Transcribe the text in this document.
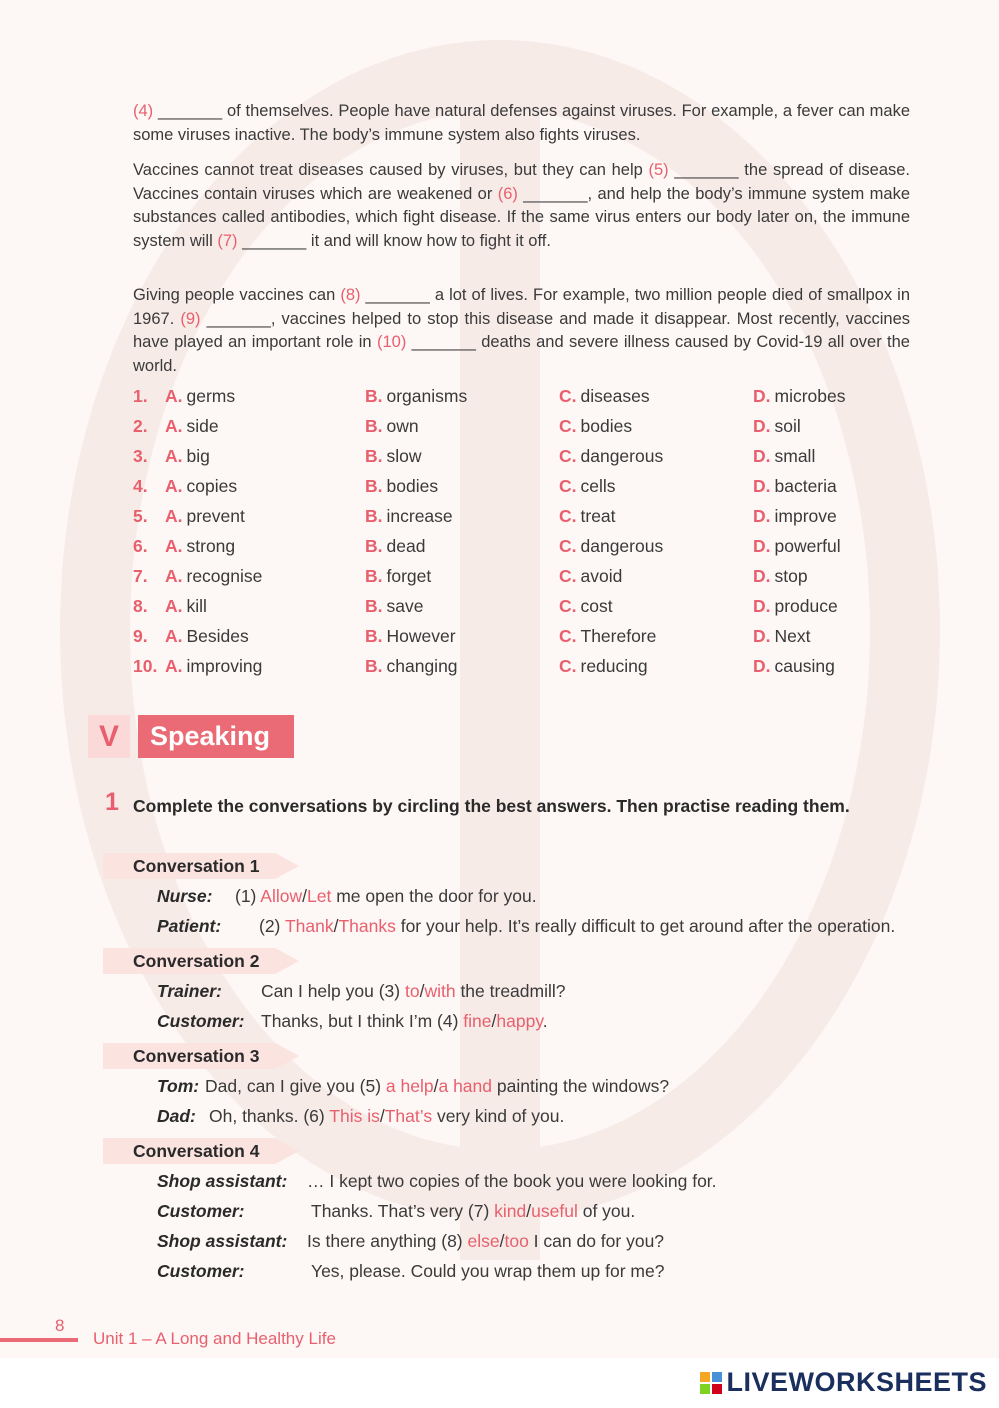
(4) _______ of themselves. People have natural defenses against viruses. For example, a fever can make some viruses inactive. The body’s immune system also fights viruses.

Vaccines cannot treat diseases caused by viruses, but they can help (5) _______ the spread of disease. Vaccines contain viruses which are weakened or (6) _______, and help the body’s immune system make substances called antibodies, which fight disease. If the same virus enters our body later on, the immune system will (7) _______ it and will know how to fight it off.

Giving people vaccines can (8) _______ a lot of lives. For example, two million people died of smallpox in 1967. (9) _______, vaccines helped to stop this disease and made it disappear. Most recently, vaccines have played an important role in (10) _______ deaths and severe illness caused by Covid-19 all over the world.

1. A. germs	B. organisms	C. diseases	D. microbes
2. A. side	B. own	C. bodies	D. soil
3. A. big	B. slow	C. dangerous	D. small
4. A. copies	B. bodies	C. cells	D. bacteria
5. A. prevent	B. increase	C. treat	D. improve
6. A. strong	B. dead	C. dangerous	D. powerful
7. A. recognise	B. forget	C. avoid	D. stop
8. A. kill	B. save	C. cost	D. produce
9. A. Besides	B. However	C. Therefore	D. Next
10. A. improving	B. changing	C. reducing	D. causing
V	Speaking
1 Complete the conversations by circling the best answers. Then practise reading them.
Conversation 1
Nurse: (1) Allow/Let me open the door for you.
Patient: (2) Thank/Thanks for your help. It’s really difficult to get around after the operation.
Conversation 2
Trainer: Can I help you (3) to/with the treadmill?
Customer: Thanks, but I think I’m (4) fine/happy.
Conversation 3
Tom: Dad, can I give you (5) a help/a hand painting the windows?
Dad: Oh, thanks. (6) This is/That’s very kind of you.
Conversation 4
Shop assistant: … I kept two copies of the book you were looking for.
Customer:	Thanks. That’s very (7) kind/useful of you.
Shop assistant: Is there anything (8) else/too I can do for you?
Customer:	Yes, please. Could you wrap them up for me?
8
Unit 1 – A Long and Healthy Life
LIVEWORKSHEETS
